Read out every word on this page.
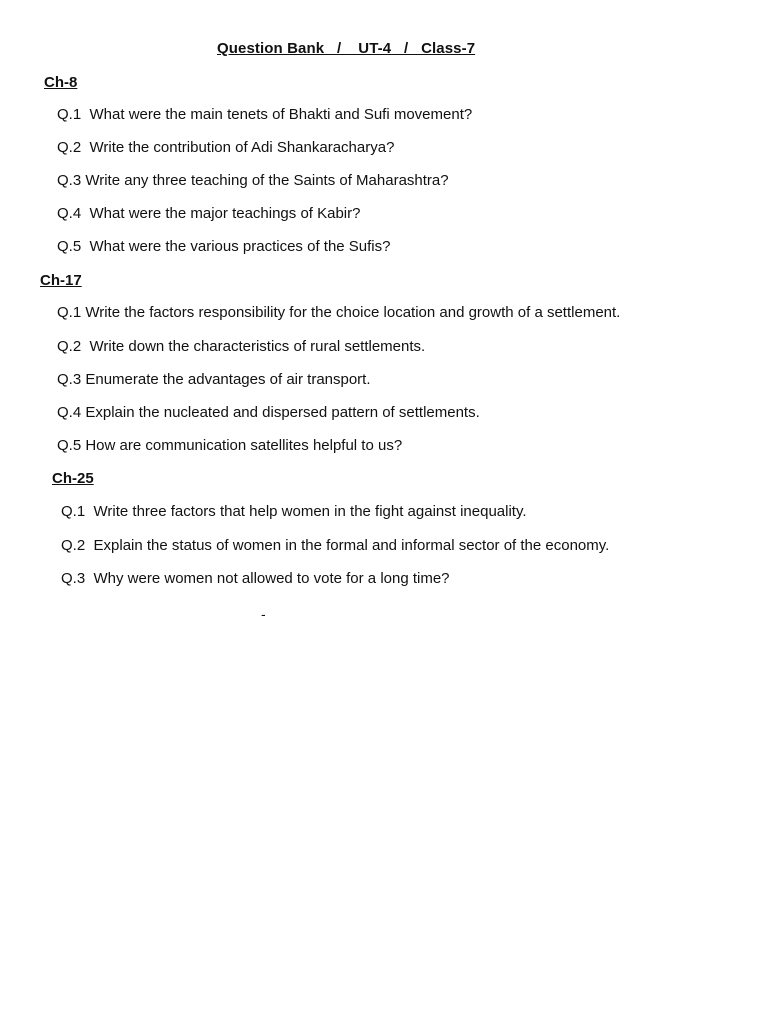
Question Bank   /    UT-4   /   Class-7
Ch-8
Q.1  What were the main tenets of Bhakti and Sufi movement?
Q.2  Write the contribution of Adi Shankaracharya?
Q.3 Write any three teaching of the Saints of Maharashtra?
Q.4  What were the major teachings of Kabir?
Q.5  What were the various practices of the Sufis?
Ch-17
Q.1 Write the factors responsibility for the choice location and growth of a settlement.
Q.2  Write down the characteristics of rural settlements.
Q.3 Enumerate the advantages of air transport.
Q.4 Explain the nucleated and dispersed pattern of settlements.
Q.5 How are communication satellites helpful to us?
Ch-25
Q.1  Write three factors that help women in the fight against inequality.
Q.2  Explain the status of women in the formal and informal sector of the economy.
Q.3  Why were women not allowed to vote for a long time?
-
